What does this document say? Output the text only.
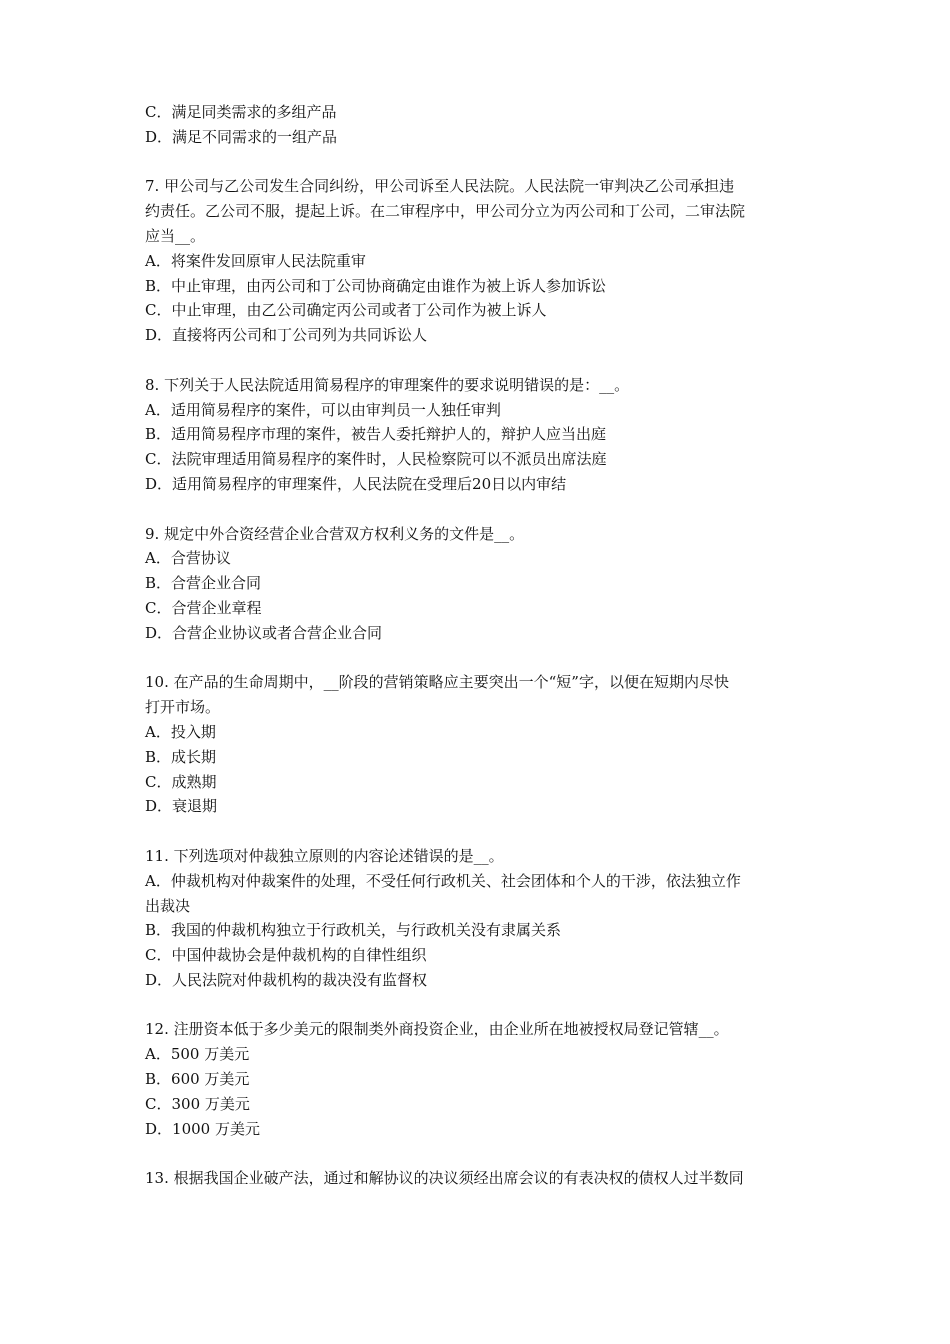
C．满足同类需求的多组产品
D．满足不同需求的一组产品
7. 甲公司与乙公司发生合同纠纷，甲公司诉至人民法院。人民法院一审判决乙公司承担违
约责任。乙公司不服，提起上诉。在二审程序中，甲公司分立为丙公司和丁公司，二审法院
应当__。
A．将案件发回原审人民法院重审
B．中止审理，由丙公司和丁公司协商确定由谁作为被上诉人参加诉讼
C．中止审理，由乙公司确定丙公司或者丁公司作为被上诉人
D．直接将丙公司和丁公司列为共同诉讼人
8. 下列关于人民法院适用简易程序的审理案件的要求说明错误的是：__。
A．适用简易程序的案件，可以由审判员一人独任审判
B．适用简易程序市理的案件，被告人委托辩护人的，辩护人应当出庭
C．法院审理适用简易程序的案件时，人民检察院可以不派员出席法庭
D．适用简易程序的审理案件，人民法院在受理后20日以内审结
9. 规定中外合资经营企业合营双方权利义务的文件是__。
A．合营协议
B．合营企业合同
C．合营企业章程
D．合营企业协议或者合营企业合同
10. 在产品的生命周期中，__阶段的营销策略应主要突出一个“短”字，以便在短期内尽快
打开市场。
A．投入期
B．成长期
C．成熟期
D．衰退期
11. 下列选项对仲裁独立原则的内容论述错误的是__。
A．仲裁机构对仲裁案件的处理，不受任何行政机关、社会团体和个人的干涉，依法独立作
出裁决
B．我国的仲裁机构独立于行政机关，与行政机关没有隶属关系
C．中国仲裁协会是仲裁机构的自律性组织
D．人民法院对仲裁机构的裁决没有监督权
12. 注册资本低于多少美元的限制类外商投资企业，由企业所在地被授权局登记管辖__。
A．500 万美元
B．600 万美元
C．300 万美元
D．1000 万美元
13. 根据我国企业破产法，通过和解协议的决议须经出席会议的有表决权的债权人过半数同
